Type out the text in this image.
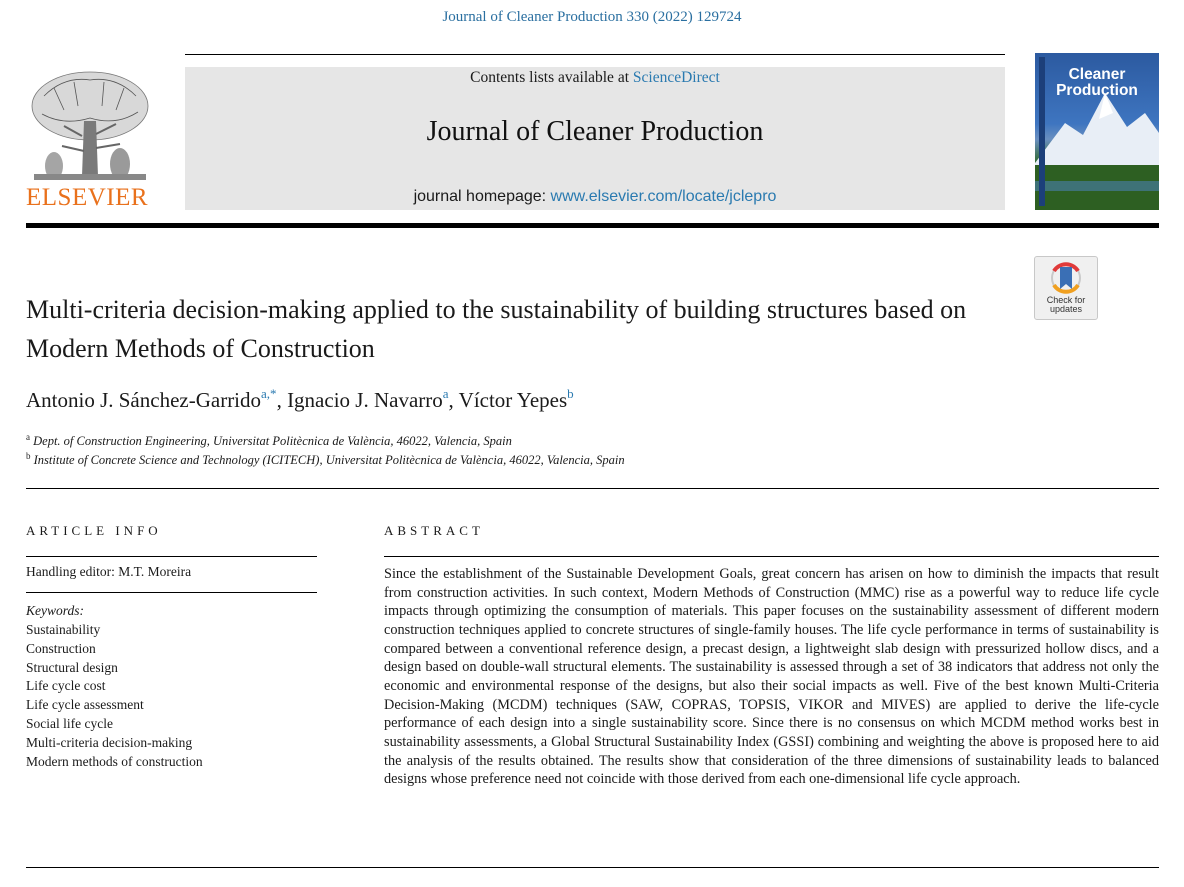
Journal of Cleaner Production 330 (2022) 129724
ELSEVIER
Contents lists available at ScienceDirect
Journal of Cleaner Production
journal homepage: www.elsevier.com/locate/jclepro
Cleaner
Production
Check for
updates
Multi-criteria decision-making applied to the sustainability of building structures based on Modern Methods of Construction
Antonio J. Sánchez-Garrido$^{a,*}$, Ignacio J. Navarro$^a$, Víctor Yepes$^b$
$^a$ Dept. of Construction Engineering, Universitat Politècnica de València, 46022, Valencia, Spain
$^b$ Institute of Concrete Science and Technology (ICITECH), Universitat Politècnica de València, 46022, Valencia, Spain
ARTICLE INFO
Handling editor: M.T. Moreira
Keywords:
Sustainability
Construction
Structural design
Life cycle cost
Life cycle assessment
Social life cycle
Multi-criteria decision-making
Modern methods of construction
ABSTRACT
Since the establishment of the Sustainable Development Goals, great concern has arisen on how to diminish the impacts that result from construction activities. In such context, Modern Methods of Construction (MMC) rise as a powerful way to reduce life cycle impacts through optimizing the consumption of materials. This paper focuses on the sustainability assessment of different modern construction techniques applied to concrete structures of single-family houses. The life cycle performance in terms of sustainability is compared between a conventional reference design, a precast design, a lightweight slab design with pressurized hollow discs, and a design based on double-wall structural elements. The sustainability is assessed through a set of 38 indicators that address not only the economic and environmental response of the designs, but also their social impacts as well. Five of the best known Multi-Criteria Decision-Making (MCDM) techniques (SAW, COPRAS, TOPSIS, VIKOR and MIVES) are applied to derive the life-cycle performance of each design into a single sustainability score. Since there is no consensus on which MCDM method works best in sustainability assessments, a Global Structural Sustainability Index (GSSI) combining and weighting the above is proposed here to aid the analysis of the results obtained. The results show that consideration of the three dimensions of sustainability leads to balanced designs whose preference need not coincide with those derived from each one-dimensional life cycle approach.
